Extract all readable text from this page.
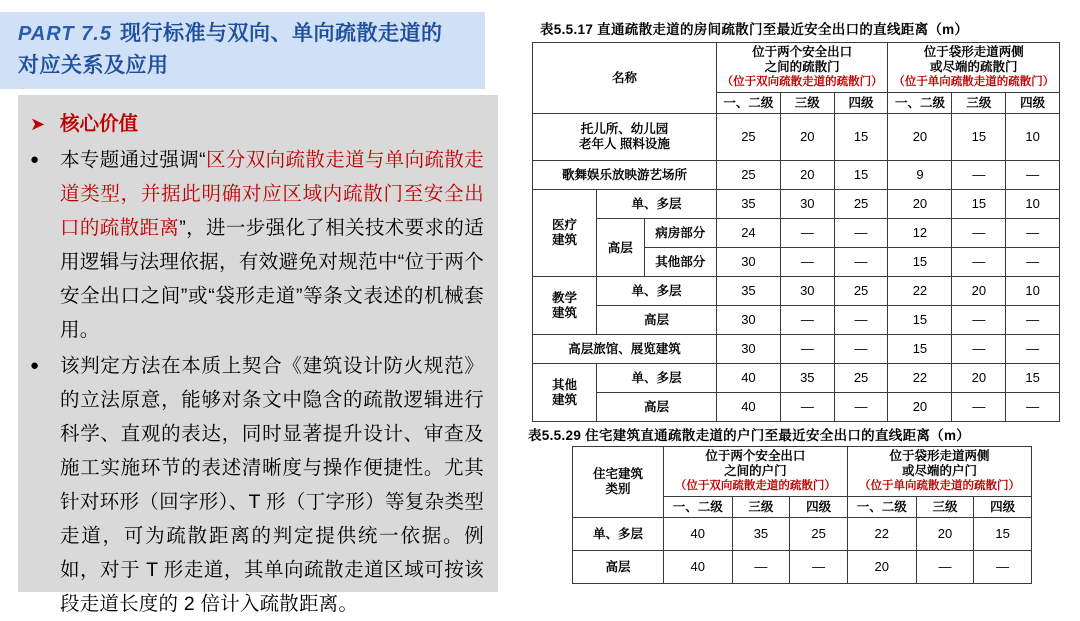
PART 7.5 现行标准与双向、单向疏散走道的
对应关系及应用
➤ 核心价值
●	本专题通过强调“区分双向疏散走道与单向疏散走道类型，并据此明确对应区域内疏散门至安全出口的疏散距离”，进一步强化了相关技术要求的适用逻辑与法理依据，有效避免对规范中“位于两个安全出口之间”或“袋形走道”等条文表述的机械套用。
●	该判定方法在本质上契合《建筑设计防火规范》的立法原意，能够对条文中隐含的疏散逻辑进行科学、直观的表达，同时显著提升设计、审查及施工实施环节的表述清晰度与操作便捷性。尤其针对环形（回字形）、T 形（丁字形）等复杂类型走道，可为疏散距离的判定提供统一依据。例如，对于 T 形走道，其单向疏散走道区域可按该段走道长度的 2 倍计入疏散距离。
表5.5.17 直通疏散走道的房间疏散门至最近安全出口的直线距离（m）
名称			位于两个安全出口
之间的疏散门
（位于双向疏散走道的疏散门）			位于袋形走道两侧
或尽端的疏散门
（位于单向疏散走道的疏散门）		

			一、二级	三级	四级	一、二级	三级	四级

托儿所、幼儿园
老年人 照料设施			25	20	15	20	15	10
歌舞娱乐放映游艺场所			25	20	15	9	—	—

医疗
建筑	单、多层		35	30	25	20	15	10
	高层	病房部分	24	—	—	12	—	—
		其他部分	30	—	—	15	—	—

教学
建筑	单、多层		35	30	25	22	20	10
	高层		30	—	—	15	—	—
高层旅馆、展览建筑			30	—	—	15	—	—

其他
建筑	单、多层		40	35	25	22	20	15
	高层		40	—	—	20	—	—
表5.5.29 住宅建筑直通疏散走道的户门至最近安全出口的直线距离（m）
住宅建筑
类别	位于两个安全出口
之间的户门
（位于双向疏散走道的疏散门）			位于袋形走道两侧
或尽端的户门
（位于单向疏散走道的疏散门）		

	一、二级	三级	四级	一、二级	三级	四级
单、多层	40	35	25	22	20	15
高层	40	—	—	20	—	—
